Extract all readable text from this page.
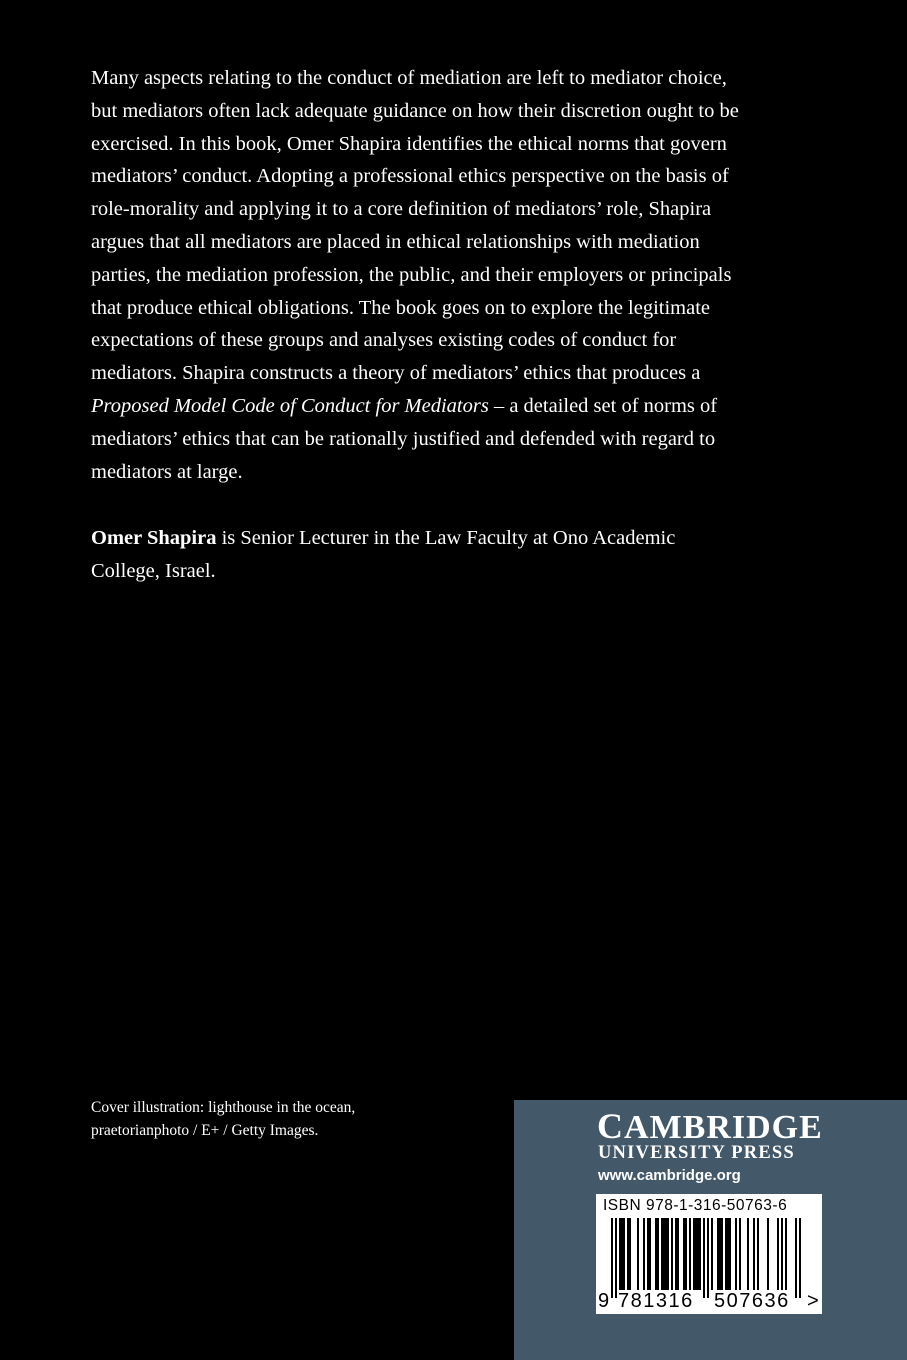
Many aspects relating to the conduct of mediation are left to mediator choice, but mediators often lack adequate guidance on how their discretion ought to be exercised. In this book, Omer Shapira identifies the ethical norms that govern mediators’ conduct. Adopting a professional ethics perspective on the basis of role-morality and applying it to a core definition of mediators’ role, Shapira argues that all mediators are placed in ethical relationships with mediation parties, the mediation profession, the public, and their employers or principals that produce ethical obligations. The book goes on to explore the legitimate expectations of these groups and analyses existing codes of conduct for mediators. Shapira constructs a theory of mediators’ ethics that produces a Proposed Model Code of Conduct for Mediators – a detailed set of norms of mediators’ ethics that can be rationally justified and defended with regard to mediators at large.

Omer Shapira is Senior Lecturer in the Law Faculty at Ono Academic College, Israel.

Cover illustration: lighthouse in the ocean,
praetorianphoto / E+ / Getty Images.	CAMBRIDGE
UNIVERSITY PRESS
www.cambridge.org
ISBN 978-1-316-50763-6
9 781316 507636 >
